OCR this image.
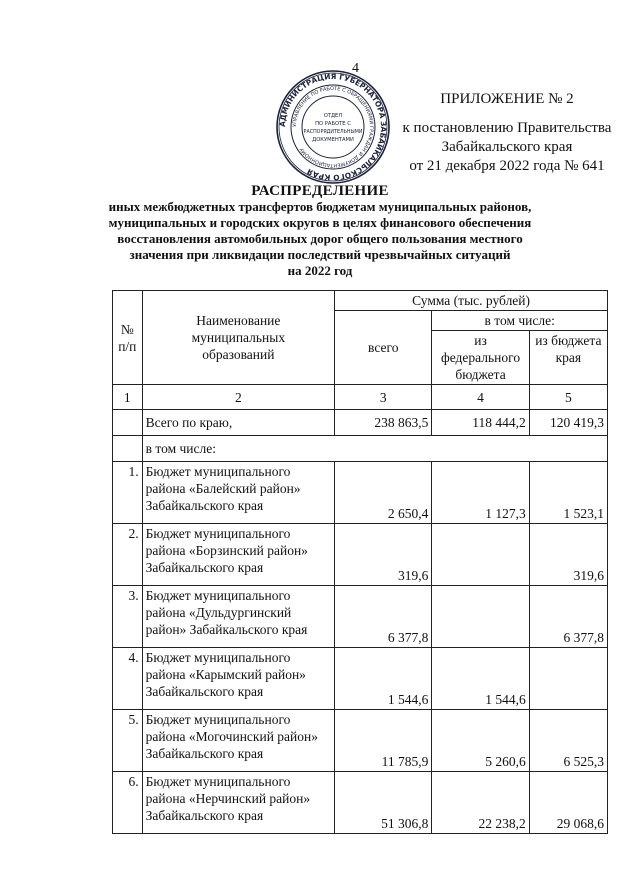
4
АДМИНИСТРАЦИЯ ГУБЕРНАТОРА ЗАБАЙКАЛЬСКОГО КРАЯ
УПРАВЛЕНИЕ ПО РАБОТЕ С ОБРАЩЕНИЯМИ ГРАЖДАН И ДОКУМЕНТАЦИОННОМУ
ОТДЕЛ
ПО РАБОТЕ С
РАСПОРЯДИТЕЛЬНЫМИ
ДОКУМЕНТАМИ
ПРИЛОЖЕНИЕ № 2
к постановлению Правительства
Забайкальского края
от 21 декабря 2022 года № 641
РАСПРЕДЕЛЕНИЕ
иных межбюджетных трансфертов бюджетам муниципальных районов,
муниципальных и городских округов в целях финансового обеспечения
восстановления автомобильных дорог общего пользования местного
значения при ликвидации последствий чрезвычайных ситуаций
на 2022 год
№ п/п	Наименование муниципальных образований	Сумма (тыс. рублей)		
		всего	в том числе:	
			из федерального бюджета	из бюджета края
1	2	3	4	5
	Всего по краю,	238 863,5	118 444,2	120 419,3
	в том числе:			
1.	Бюджет муниципального района «Балейский район» Забайкальского края	2 650,4	1 127,3	1 523,1
2.	Бюджет муниципального района «Борзинский район» Забайкальского края	319,6		319,6
3.	Бюджет муниципального района «Дульдургинский район» Забайкальского края	6 377,8		6 377,8
4.	Бюджет муниципального района «Карымский район» Забайкальского края	1 544,6	1 544,6	
5.	Бюджет муниципального района «Могочинский район» Забайкальского края	11 785,9	5 260,6	6 525,3
6.	Бюджет муниципального района «Нерчинский район» Забайкальского края	51 306,8	22 238,2	29 068,6
